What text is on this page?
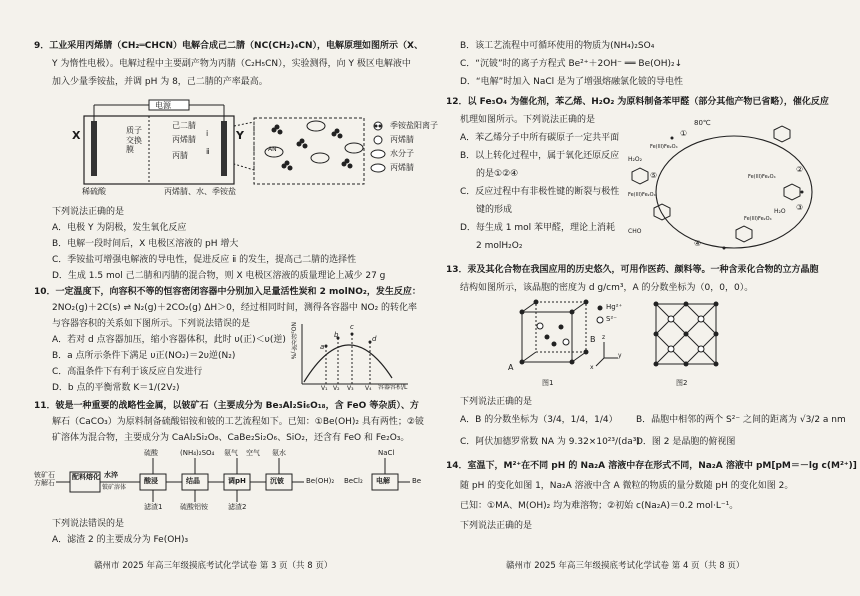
9．工业采用丙烯腈（CH₂═CHCN）电解合成己二腈（NC(CH₂)₄CN），电解原理如图所示（X、
Y 为惰性电极）。电解过程中主要副产物为丙腈（C₂H₅CN），实验测得，向 Y 极区电解液中
加入少量季铵盐，并调 pH 为 8，己二腈的产率最高。
电源
X	Y
质子交换膜
己二腈
丙烯腈
丙腈
ⅰ
ⅱ
稀硫酸	丙烯腈、水、季铵盐
季铵盐阳离子
丙烯腈
水分子
丙烯腈
AN
下列说法正确的是
A．电极 Y 为阴极，发生氧化反应
B．电解一段时间后，X 电极区溶液的 pH 增大
C．季铵盐可增强电解液的导电性，促进反应 ⅱ 的发生，提高己二腈的选择性
D．生成 1.5 mol 己二腈和丙腈的混合物，则 X 电极区溶液的质量理论上减少 27 g
10．一定温度下，向容积不等的恒容密闭容器中分别加入足量活性炭和 2 molNO₂，发生反应：
2NO₂(g)＋2C(s) ⇌ N₂(g)＋2CO₂(g) ΔH＞0，经过相同时间，测得各容器中 NO₂ 的转化率
与容器容积的关系如下图所示。下列说法错误的是
A．若对 d 点容器加压，缩小容器体积，此时 υ(正)＜υ(逆)
B．a 点所示条件下满足 υ正(NO₂)＝2υ逆(N₂)
C．高温条件下有利于该反应自发进行
D．b 点的平衡常数 K＝1/(2V₂)
NO₂转化率/%
容器容积/L
a
b
c
d
V₁ V₂ V₃ V₄
11．铍是一种重要的战略性金属，以铍矿石（主要成分为 Be₃Al₂Si₆O₁₈，含 FeO 等杂质）、方
解石（CaCO₃）为原料制备硫酸铝铵和铍的工艺流程如下。已知：①Be(OH)₂ 具有两性；②铍
矿溶体为混合物，主要成分为 CaAl₂Si₂O₈、CaBe₂Si₂O₆、SiO₂，还含有 FeO 和 Fe₂O₃。
铍矿石 方解石
配料熔化 水淬
铍矿溶体
酸浸	结晶	调pH	沉铍	电解
硫酸	(NH₄)₂SO₄ 氨气 空气 氨水	NaCl
滤渣1	硫酸铝铵	滤渣2
Be(OH)₂ BeCl₂	Be
下列说法错误的是
A．滤渣 2 的主要成分为 Fe(OH)₃
赣州市 2025 年高三年级摸底考试化学试卷 第 3 页（共 8 页）
B．该工艺流程中可循环使用的物质为(NH₄)₂SO₄
C．“沉铍”时的离子方程式 Be²⁺＋2OH⁻ ══ Be(OH)₂↓
D．“电解”时加入 NaCl 是为了增强熔融氯化铍的导电性
12．以 Fe₃O₄ 为催化剂，苯乙烯、H₂O₂ 为原料制备苯甲醛（部分其他产物已省略），催化反应
机理如图所示。下列说法正确的是
A．苯乙烯分子中所有碳原子一定共平面
B．以上转化过程中，属于氧化还原反应
的是①②④
C．反应过程中有非极性键的断裂与极性
键的形成
D．每生成 1 mol 苯甲醛，理论上消耗
2 molH₂O₂
80℃
①
②
③
④
⑤
Fe(III)Fe₂O₄
Fe(III)Fe₂O₄
Fe(III)Fe₂O₄
Fe(III)Fe₂O₄
H₂O₂
H₂O
CHO
13．汞及其化合物在我国应用的历史悠久，可用作医药、颜料等。一种含汞化合物的立方晶胞
结构如图所示，该晶胞的密度为 d g/cm³，A 的分数坐标为（0，0，0）。
Hg²⁺
S²⁻
A
B
图1	图2
z
y
x
下列说法正确的是
A．B 的分数坐标为（3/4，1/4，1/4） B．晶胞中相邻的两个 S²⁻ 之间的距离为 √3/2 a nm
C．阿伏加德罗常数 NA 为 9.32×10²³/(da³)
D．图 2 是晶胞的俯视图
14．室温下，M²⁺在不同 pH 的 Na₂A 溶液中存在形式不同，Na₂A 溶液中 pM[pM＝－lg c(M²⁺)]
随 pH 的变化如图 1，Na₂A 溶液中含 A 微粒的物质的量分数随 pH 的变化如图 2。
已知：①MA、M(OH)₂ 均为难溶物；②初始 c(Na₂A)＝0.2 mol·L⁻¹。
下列说法正确的是
赣州市 2025 年高三年级摸底考试化学试卷 第 4 页（共 8 页）
